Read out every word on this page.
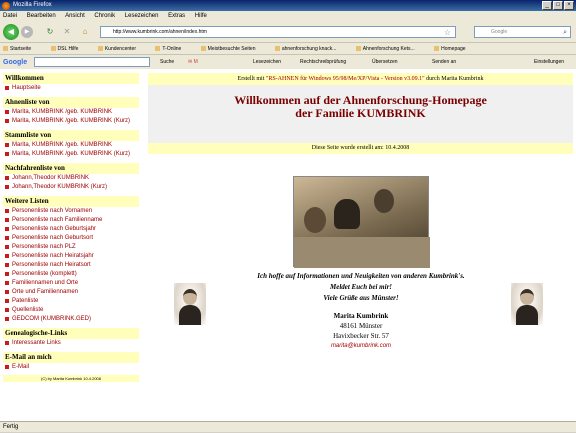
Mozilla Firefox	_	□	×
Datei Bearbeiten Ansicht Chronik Lesezeichen Extras Hilfe
◀	▶	↻ ✕	⌂	http://www.kumbrink.com/ahnen/index.htm	☆	Google	⌕
Startseite	DSL Hilfe	Kundencenter	T-Online	Meistbesuchte Seiten	ahnenforschung knack...	Ahnenforschung Kets...	Homepage
Google	Suche	✉ M	Lesezeichen	Rechtschreibprüfung	Übersetzen	Senden an	Einstellungen
Willkommen
Hauptseite
Ahnenliste von
Marita, KUMBRINK /geb. KUMBRINK
Marita, KUMBRINK /geb. KUMBRINK (Kurz)
Stammliste von
Marita, KUMBRINK /geb. KUMBRINK
Marita, KUMBRINK /geb. KUMBRINK (Kurz)
Nachfahrenliste von
Johann,Theodor KUMBRINK
Johann,Theodor KUMBRINK (Kurz)
Weitere Listen
Personenliste nach Vornamen
Personenliste nach Familienname
Personenliste nach Geburtsjahr
Personenliste nach Geburtsort
Personenliste nach PLZ
Personenliste nach Heiratsjahr
Personenliste nach Heiratsort
Personenliste (komplett)
Familiennamen und Orte
Orte und Familiennamen
Patenliste
Quellenliste
GEDCOM (KUMBRINK.GED)
Genealogische-Links
Interessante Links
E-Mail an mich
E-Mail
(C) by Marita Kumbrink 10.4.2008
Erstellt mit "RS-AHNEN für Windows 95/98/Me/XP/Vista - Version v3.09.1" durch Marita Kumbrink
Willkommen auf der Ahnenforschung-Homepage
der Familie KUMBRINK
Diese Seite wurde erstellt am: 10.4.2008
Ich hoffe auf Informationen und Neuigkeiten von anderen Kumbrink's.
Meldet Euch bei mir!
Viele Grüße aus Münster!
Marita Kumbrink
48161 Münster
Havixbecker Str. 57
marita@kumbrink.com
Fertig
